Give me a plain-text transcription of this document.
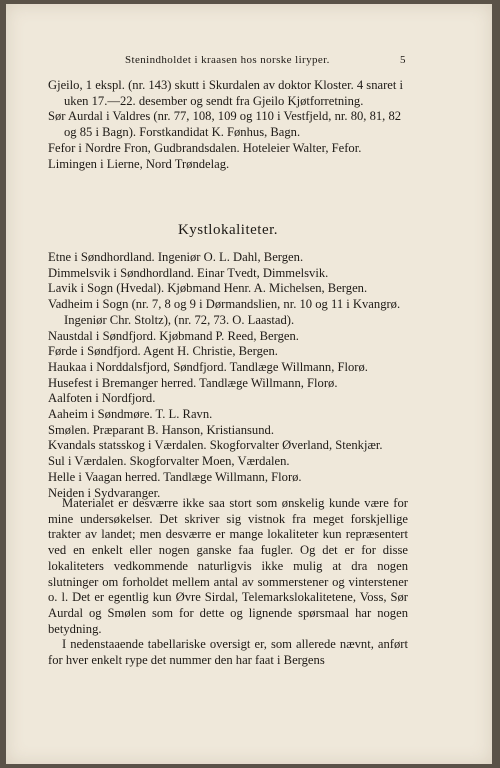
Stenindholdet i kraasen hos norske liryper.	5

Gjeilo, 1 ekspl. (nr. 143) skutt i Skurdalen av doktor Kloster. 4 snaret i uken 17.—22. desember og sendt fra Gjeilo Kjøtforretning.

Sør Aurdal i Valdres (nr. 77, 108, 109 og 110 i Vestfjeld, nr. 80, 81, 82 og 85 i Bagn). Forstkandidat K. Fønhus, Bagn.

Fefor i Nordre Fron, Gudbrandsdalen. Hoteleier Walter, Fefor.

Limingen i Lierne, Nord Trøndelag.

Kystlokaliteter.

Etne i Søndhordland. Ingeniør O. L. Dahl, Bergen.

Dimmelsvik i Søndhordland. Einar Tvedt, Dimmelsvik.

Lavik i Sogn (Hvedal). Kjøbmand Henr. A. Michelsen, Bergen.

Vadheim i Sogn (nr. 7, 8 og 9 i Dørmandslien, nr. 10 og 11 i Kvangrø. Ingeniør Chr. Stoltz), (nr. 72, 73. O. Laastad).

Naustdal i Søndfjord. Kjøbmand P. Reed, Bergen.

Førde i Søndfjord. Agent H. Christie, Bergen.

Haukaa i Norddalsfjord, Søndfjord. Tandlæge Willmann, Florø.

Husefest i Bremanger herred. Tandlæge Willmann, Florø.

Aalfoten i Nordfjord.

Aaheim i Søndmøre. T. L. Ravn.

Smølen. Præparant B. Hanson, Kristiansund.

Kvandals statsskog i Værdalen. Skogforvalter Øverland, Stenkjær.

Sul i Værdalen. Skogforvalter Moen, Værdalen.

Helle i Vaagan herred. Tandlæge Willmann, Florø.

Neiden i Sydvaranger.

Materialet er desværre ikke saa stort som ønskelig kunde være for mine undersøkelser. Det skriver sig vistnok fra meget forskjellige trakter av landet; men desværre er mange lokaliteter kun repræsentert ved en enkelt eller nogen ganske faa fugler. Og det er for disse lokaliteters vedkommende naturligvis ikke mulig at dra nogen slutninger om forholdet mellem antal av sommerstener og vinterstener o. l. Det er egentlig kun Øvre Sirdal, Telemarkslokalitetene, Voss, Sør Aurdal og Smølen som for dette og lignende spørsmaal har nogen betydning.

I nedenstaaende tabellariske oversigt er, som allerede nævnt, anført for hver enkelt rype det nummer den har faat i Bergens
